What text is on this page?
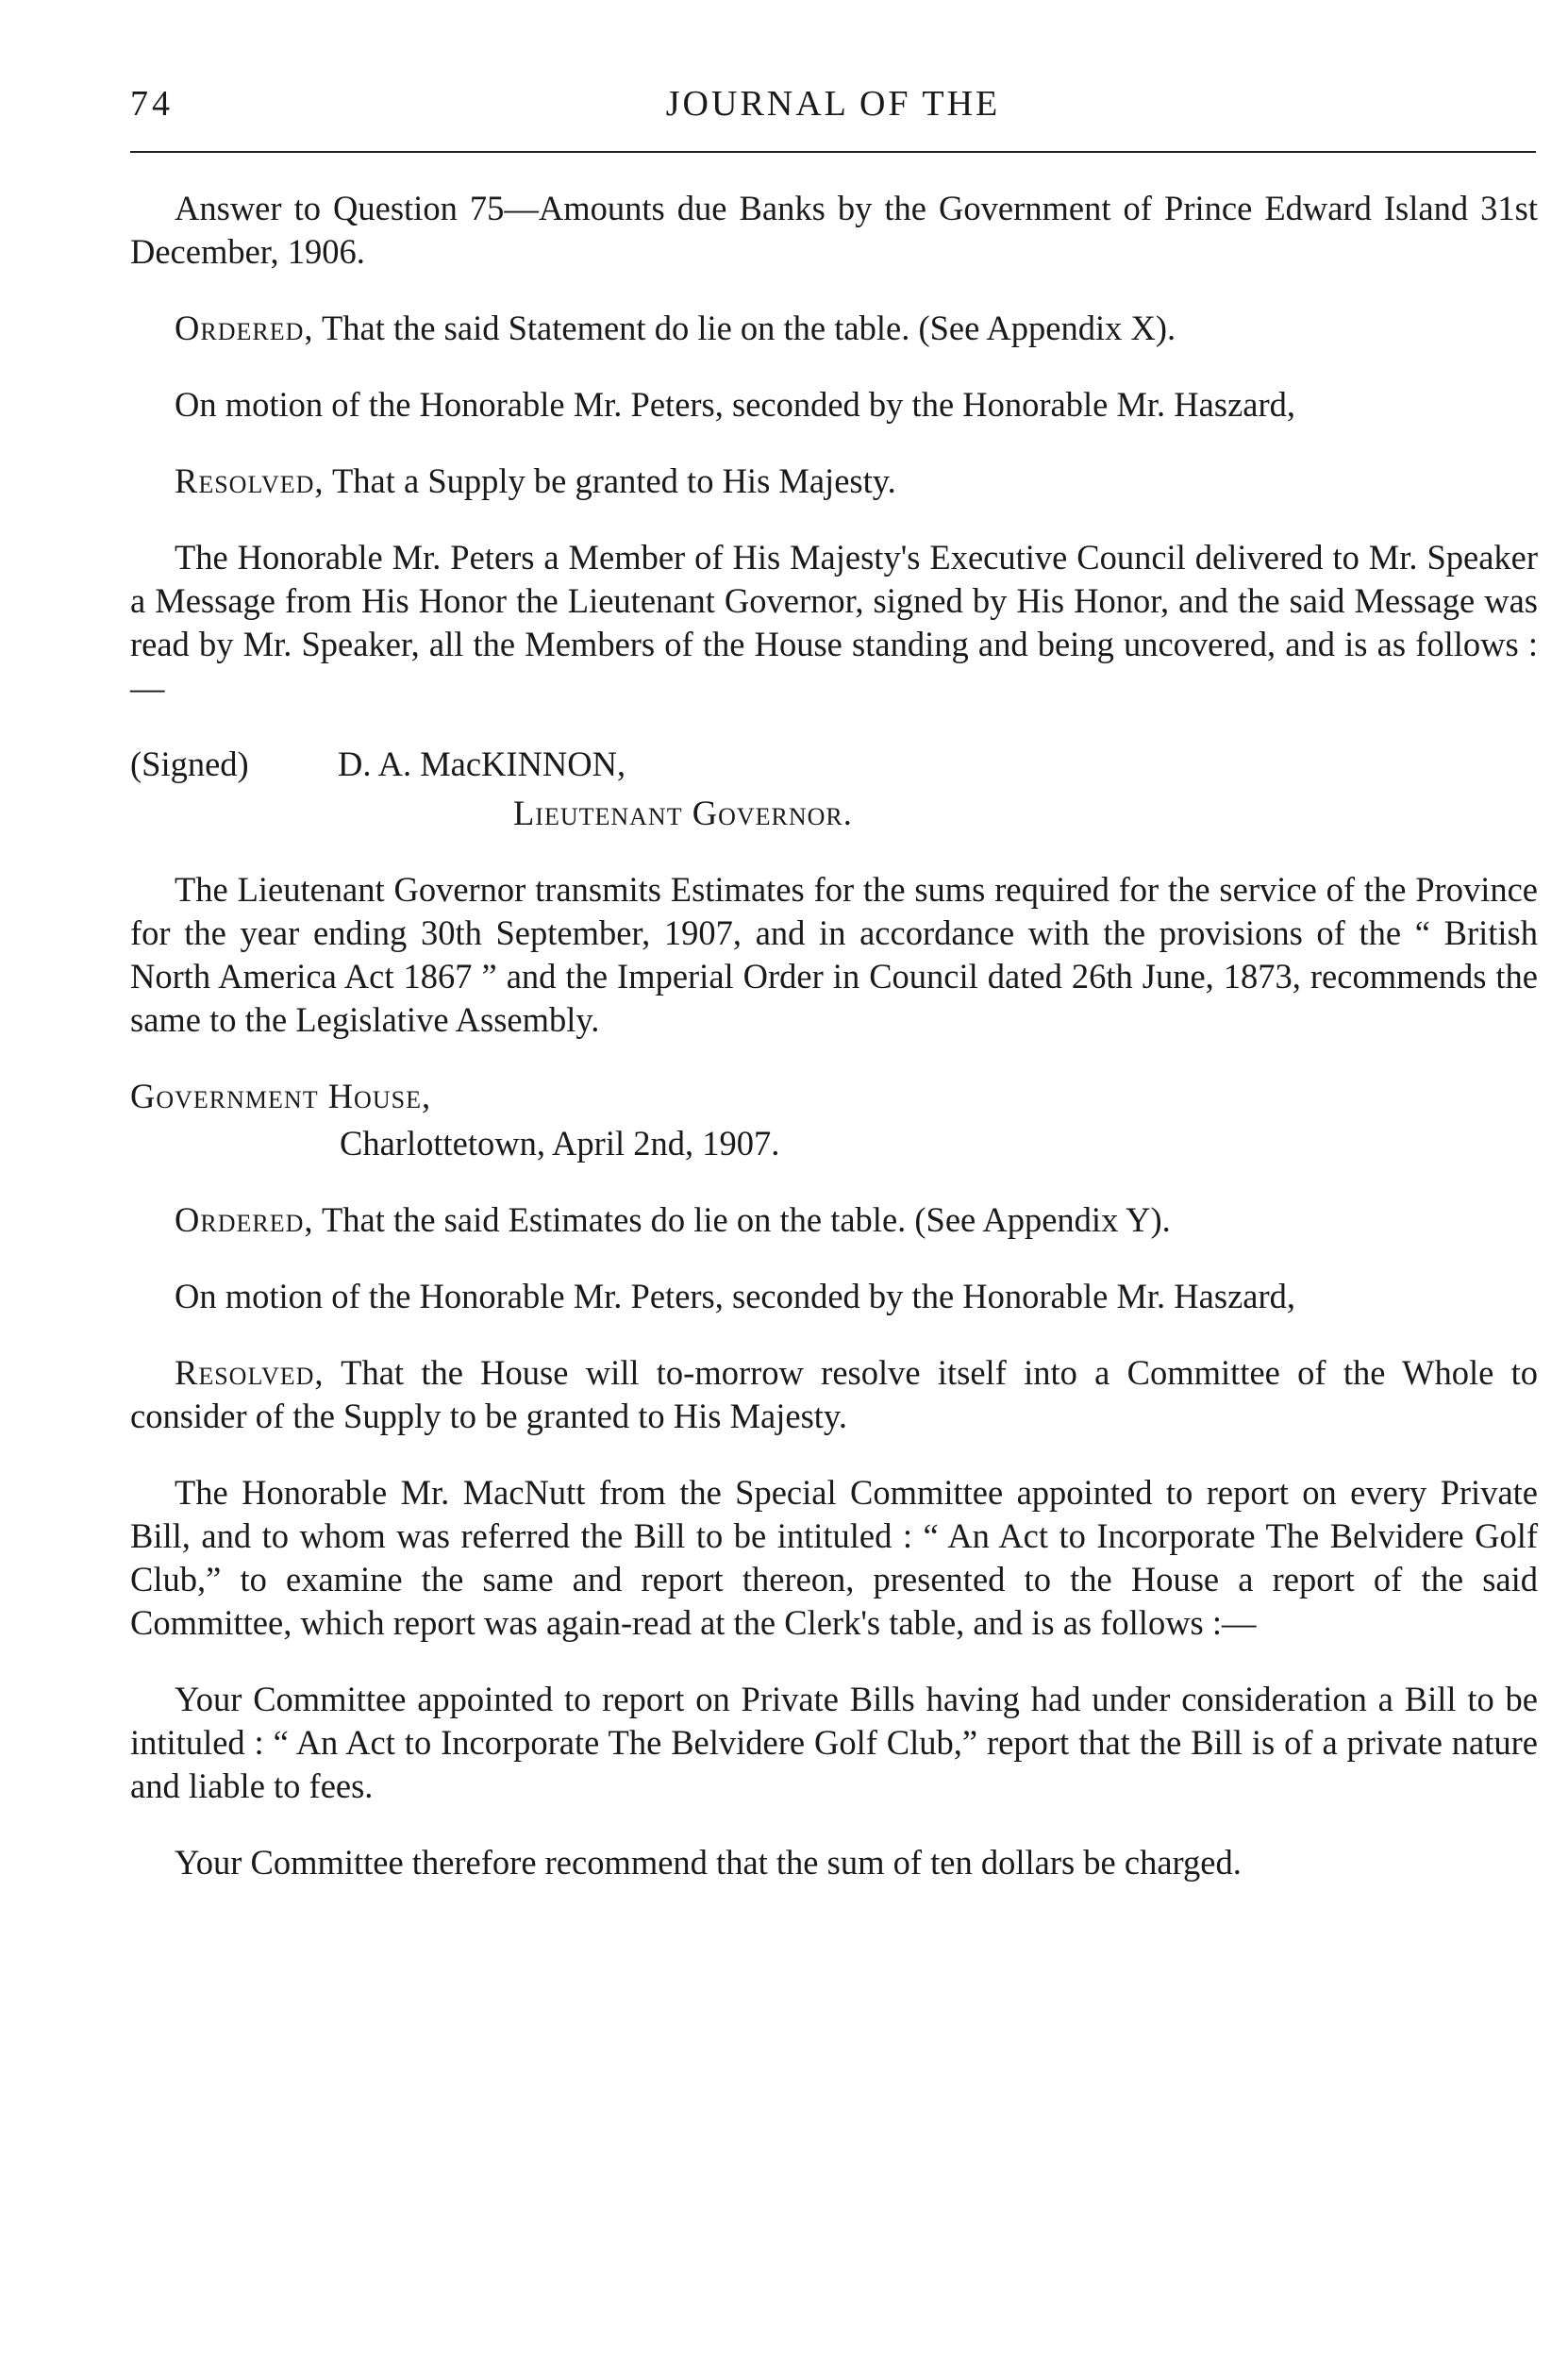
74	JOURNAL OF THE

Answer to Question 75—Amounts due Banks by the Government of Prince Edward Island 31st December, 1906.

Ordered, That the said Statement do lie on the table. (See Appendix X).

On motion of the Honorable Mr. Peters, seconded by the Honorable Mr. Haszard,

Resolved, That a Supply be granted to His Majesty.

The Honorable Mr. Peters a Member of His Majesty's Executive Council delivered to Mr. Speaker a Message from His Honor the Lieutenant Governor, signed by His Honor, and the said Message was read by Mr. Speaker, all the Members of the House standing and being uncovered, and is as follows :—

(Signed)	D. A. MacKINNON,

Lieutenant Governor.

The Lieutenant Governor transmits Estimates for the sums required for the service of the Province for the year ending 30th September, 1907, and in accordance with the provisions of the “ British North America Act 1867 ” and the Imperial Order in Council dated 26th June, 1873, recommends the same to the Legislative Assembly.

Government House,

Charlottetown, April 2nd, 1907.

Ordered, That the said Estimates do lie on the table. (See Appendix Y).

On motion of the Honorable Mr. Peters, seconded by the Honorable Mr. Haszard,

Resolved, That the House will to-morrow resolve itself into a Committee of the Whole to consider of the Supply to be granted to His Majesty.

The Honorable Mr. MacNutt from the Special Committee appointed to report on every Private Bill, and to whom was referred the Bill to be intituled : “ An Act to Incorporate The Belvidere Golf Club,” to examine the same and report thereon, presented to the House a report of the said Committee, which report was again-read at the Clerk's table, and is as follows :—

Your Committee appointed to report on Private Bills having had under consideration a Bill to be intituled : “ An Act to Incorporate The Belvidere Golf Club,” report that the Bill is of a private nature and liable to fees.

Your Committee therefore recommend that the sum of ten dollars be charged.
